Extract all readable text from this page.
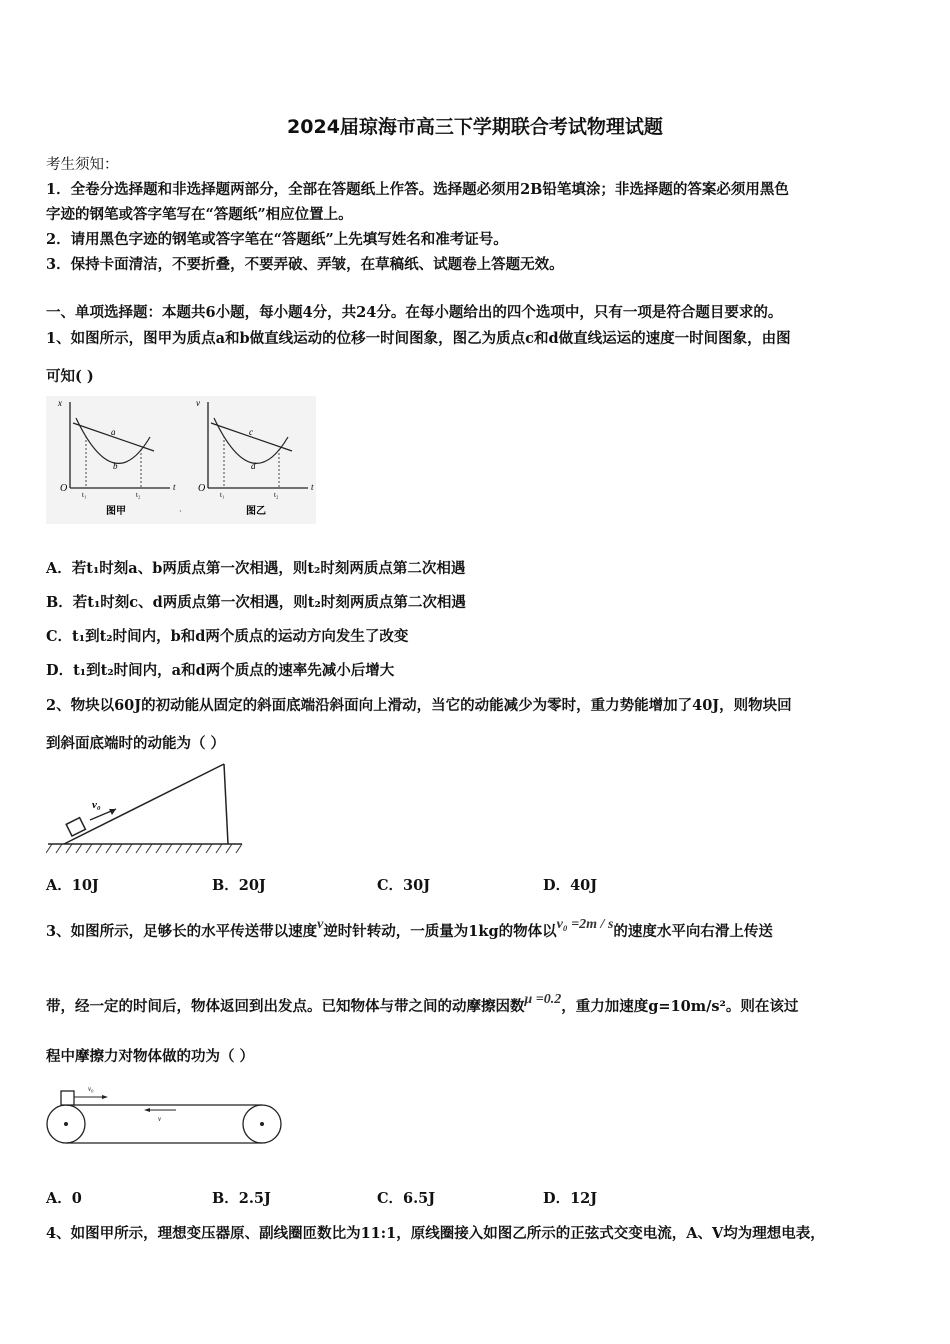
2024届琼海市高三下学期联合考试物理试题
考生须知：
1．全卷分选择题和非选择题两部分，全部在答题纸上作答。选择题必须用2B铅笔填涂；非选择题的答案必须用黑色
字迹的钢笔或答字笔写在“答题纸”相应位置上。
2．请用黑色字迹的钢笔或答字笔在“答题纸”上先填写姓名和准考证号。
3．保持卡面清洁，不要折叠，不要弄破、弄皱，在草稿纸、试题卷上答题无效。
一、单项选择题：本题共6小题，每小题4分，共24分。在每小题给出的四个选项中，只有一项是符合题目要求的。
1、如图所示，图甲为质点a和b做直线运动的位移一时间图象，图乙为质点c和d做直线运运的速度一时间图象，由图
可知( )
x
O	t
a
b
t₁	t₂
图甲	·
v
O	t
c
d
t₁	t₂
图乙
A．若t₁时刻a、b两质点第一次相遇，则t₂时刻两质点第二次相遇
B．若t₁时刻c、d两质点第一次相遇，则t₂时刻两质点第二次相遇
C．t₁到t₂时间内，b和d两个质点的运动方向发生了改变
D．t₁到t₂时间内，a和d两个质点的速率先减小后增大
2、物块以60J的初动能从固定的斜面底端沿斜面向上滑动，当它的动能减少为零时，重力势能增加了40J，则物块回
到斜面底端时的动能为（ ）
v₀
A．10J	B．20J	C．30J	D．40J
3、如图所示，足够长的水平传送带以速度v逆时针转动，一质量为1kg的物体以v₀ =2m / s的速度水平向右滑上传送
带，经一定的时间后，物体返回到出发点。已知物体与带之间的动摩擦因数μ =0.2，重力加速度g=10m/s²。则在该过
程中摩擦力对物体做的功为（ ）
v₀
v
A．0	B．2.5J	C．6.5J	D．12J
4、如图甲所示，理想变压器原、副线圈匝数比为11:1，原线圈接入如图乙所示的正弦式交变电流，A、V均为理想电表，
